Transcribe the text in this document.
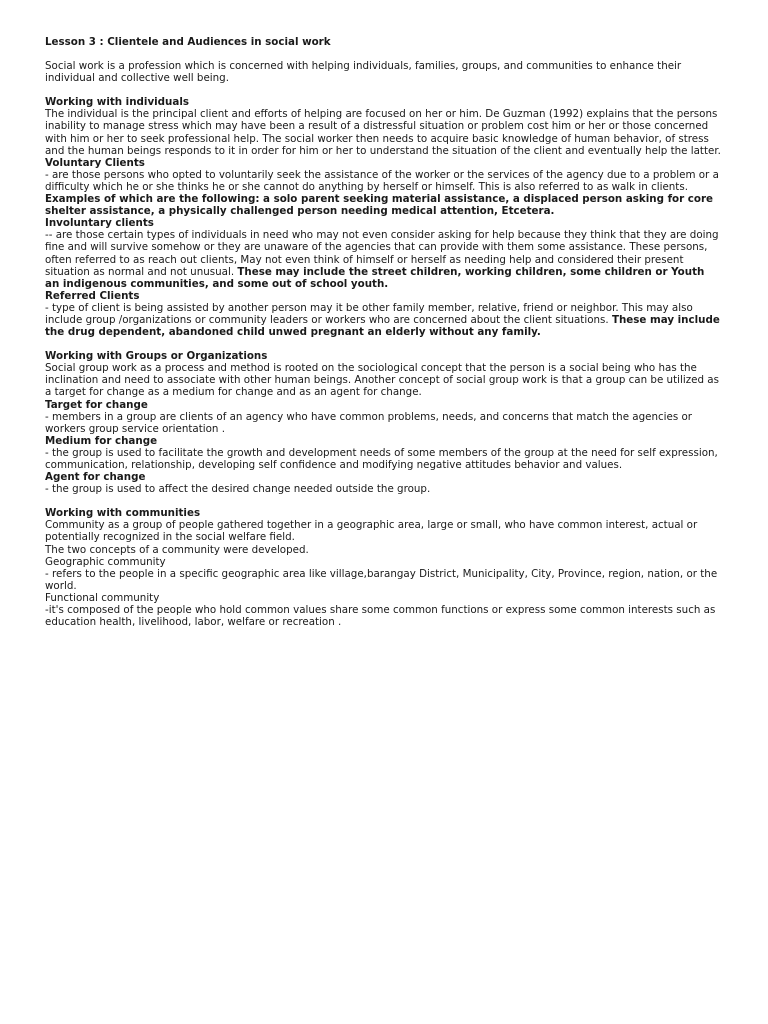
Lesson 3 : Clientele and Audiences in social work

Social work is a profession which is concerned with helping individuals, families, groups, and communities to enhance their individual and collective well being.

Working with individuals

The individual is the principal client and efforts of helping are focused on her or him. De Guzman (1992) explains that the persons inability to manage stress which may have been a result of a distressful situation or problem cost him or her or those concerned with him or her to seek professional help. The social worker then needs to acquire basic knowledge of human behavior, of stress and the human beings responds to it in order for him or her to understand the situation of the client and eventually help the latter.

Voluntary Clients

- are those persons who opted to voluntarily seek the assistance of the worker or the services of the agency due to a problem or a difficulty which he or she thinks he or she cannot do anything by herself or himself. This is also referred to as walk in clients. Examples of which are the following: a solo parent seeking material assistance, a displaced person asking for core shelter assistance, a physically challenged person needing medical attention, Etcetera.

Involuntary clients

-- are those certain types of individuals in need who may not even consider asking for help because they think that they are doing fine and will survive somehow or they are unaware of the agencies that can provide with them some assistance. These persons, often referred to as reach out clients, May not even think of himself or herself as needing help and considered their present situation as normal and not unusual. These may include the street children, working children, some children or Youth an indigenous communities, and some out of school youth.

Referred Clients

- type of client is being assisted by another person may it be other family member, relative, friend or neighbor. This may also include group /organizations or community leaders or workers who are concerned about the client situations. These may include the drug dependent, abandoned child unwed pregnant an elderly without any family.

Working with Groups or Organizations

Social group work as a process and method is rooted on the sociological concept that the person is a social being who has the inclination and need to associate with other human beings. Another concept of social group work is that a group can be utilized as a target for change as a medium for change and as an agent for change.

Target for change

- members in a group are clients of an agency who have common problems, needs, and concerns that match the agencies or workers group service orientation .

Medium for change

- the group is used to facilitate the growth and development needs of some members of the group at the need for self expression, communication, relationship, developing self confidence and modifying negative attitudes behavior and values.

Agent for change

- the group is used to affect the desired change needed outside the group.

Working with communities

Community as a group of people gathered together in a geographic area, large or small, who have common interest, actual or potentially recognized in the social welfare field.

The two concepts of a community were developed.

Geographic community

- refers to the people in a specific geographic area like village,barangay District, Municipality, City, Province, region, nation, or the world.

Functional community

-it's composed of the people who hold common values share some common functions or express some common interests such as education health, livelihood, labor, welfare or recreation .
